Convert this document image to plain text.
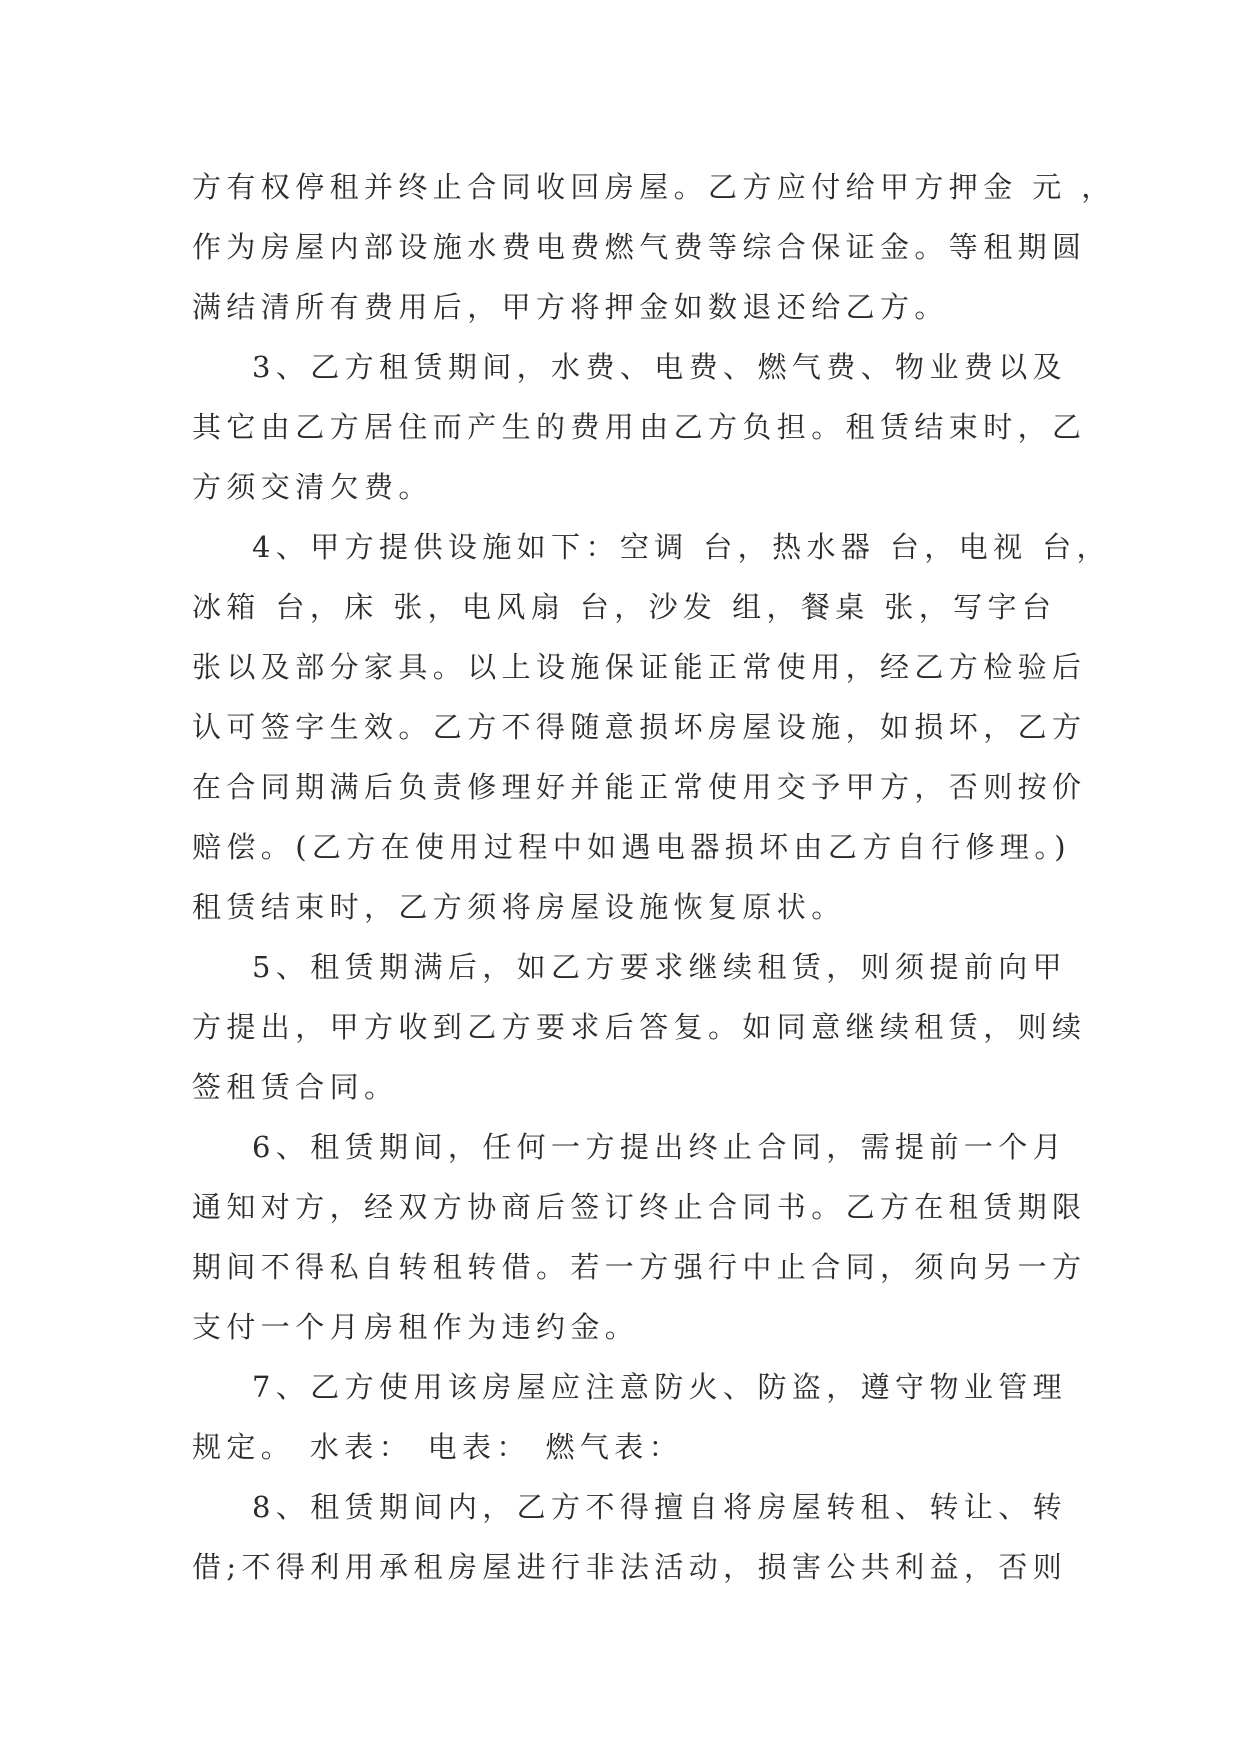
方有权停租并终止合同收回房屋。乙方应付给甲方押金 元 ，
作为房屋内部设施水费电费燃气费等综合保证金。等租期圆
满结清所有费用后，甲方将押金如数退还给乙方。
3、乙方租赁期间，水费、电费、燃气费、物业费以及
其它由乙方居住而产生的费用由乙方负担。租赁结束时，乙
方须交清欠费。
4、甲方提供设施如下：空调 台，热水器 台，电视 台，
冰箱 台，床 张，电风扇 台，沙发 组，餐桌 张，写字台
张以及部分家具。以上设施保证能正常使用，经乙方检验后
认可签字生效。乙方不得随意损坏房屋设施，如损坏，乙方
在合同期满后负责修理好并能正常使用交予甲方，否则按价
赔偿。(乙方在使用过程中如遇电器损坏由乙方自行修理。)
租赁结束时，乙方须将房屋设施恢复原状。
5、租赁期满后，如乙方要求继续租赁，则须提前向甲
方提出，甲方收到乙方要求后答复。如同意继续租赁，则续
签租赁合同。
6、租赁期间，任何一方提出终止合同，需提前一个月
通知对方，经双方协商后签订终止合同书。乙方在租赁期限
期间不得私自转租转借。若一方强行中止合同，须向另一方
支付一个月房租作为违约金。
7、乙方使用该房屋应注意防火、防盗，遵守物业管理
规定。 水表： 电表： 燃气表：
8、租赁期间内，乙方不得擅自将房屋转租、转让、转
借;不得利用承租房屋进行非法活动，损害公共利益，否则
